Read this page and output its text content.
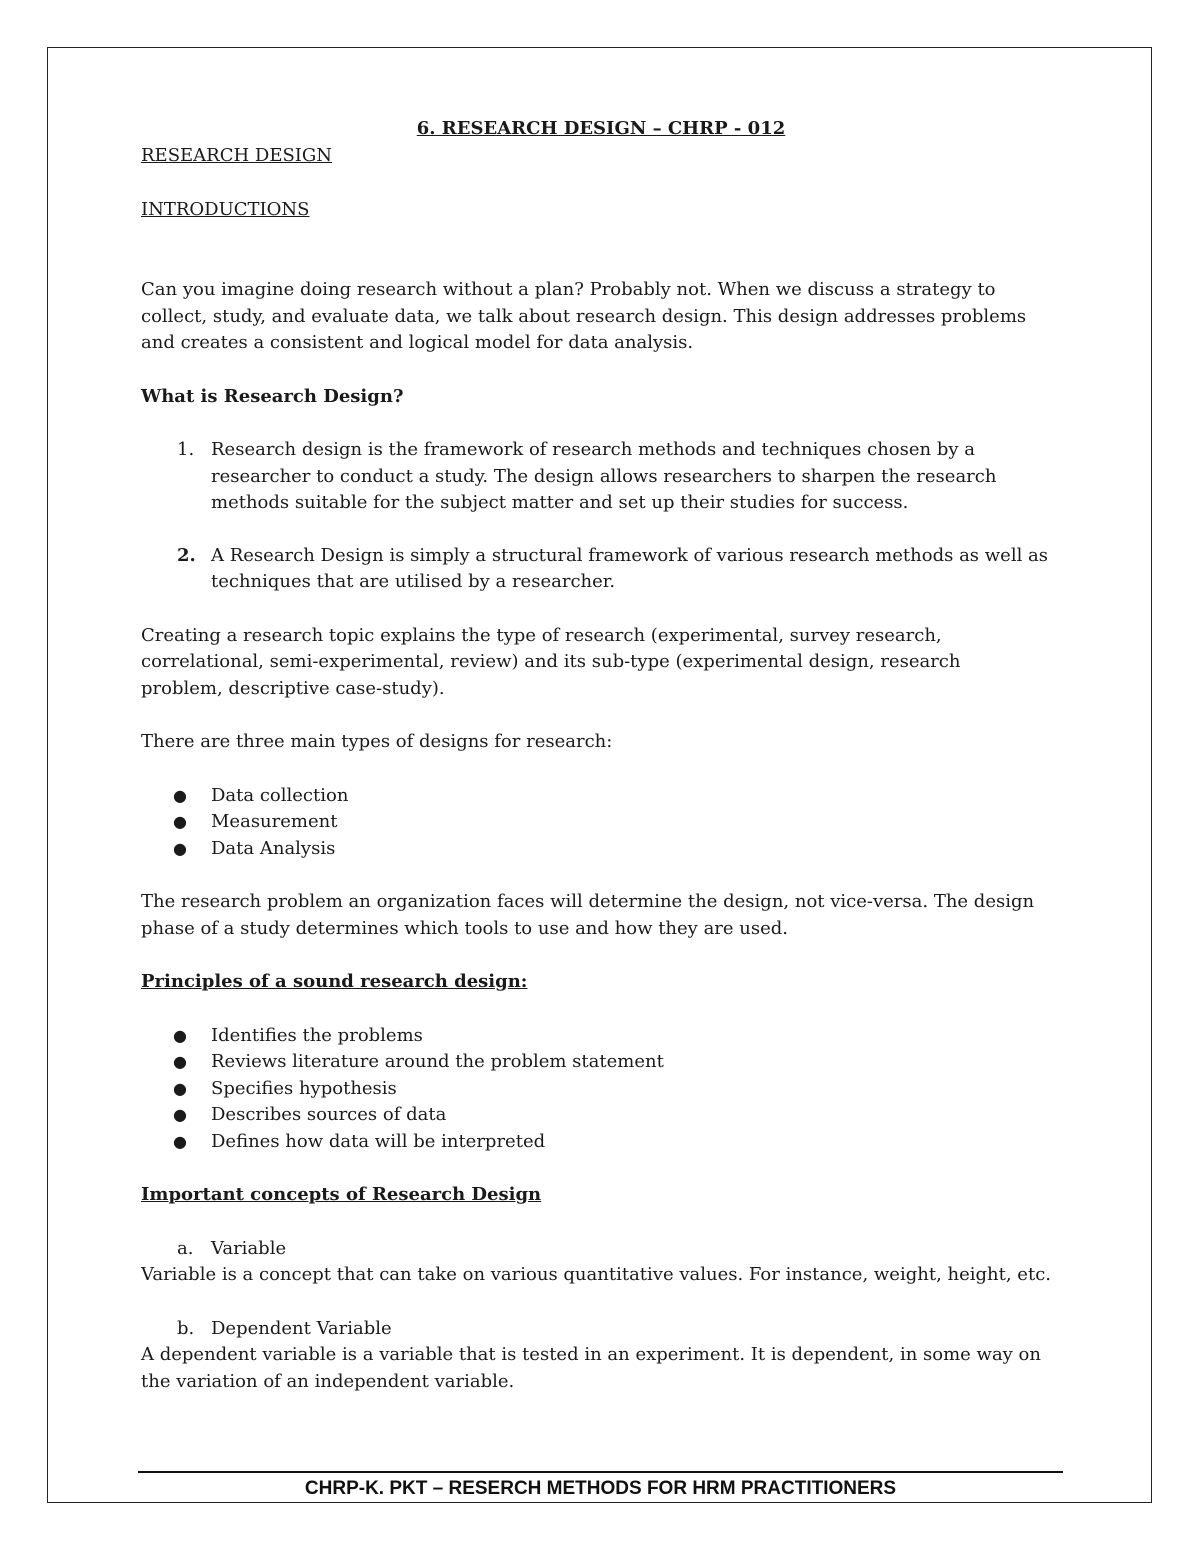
6. RESEARCH DESIGN – CHRP - 012

RESEARCH DESIGN

INTRODUCTIONS

Can you imagine doing research without a plan? Probably not. When we discuss a strategy to collect, study, and evaluate data, we talk about research design. This design addresses problems and creates a consistent and logical model for data analysis.

What is Research Design?

1. Research design is the framework of research methods and techniques chosen by a researcher to conduct a study. The design allows researchers to sharpen the research methods suitable for the subject matter and set up their studies for success.
2. A Research Design is simply a structural framework of various research methods as well as techniques that are utilised by a researcher.

Creating a research topic explains the type of research (experimental, survey research, correlational, semi-experimental, review) and its sub-type (experimental design, research problem, descriptive case-study).

There are three main types of designs for research:

● Data collection
● Measurement
● Data Analysis

The research problem an organization faces will determine the design, not vice-versa. The design phase of a study determines which tools to use and how they are used.

Principles of a sound research design:

● Identifies the problems
● Reviews literature around the problem statement
● Specifies hypothesis
● Describes sources of data
● Defines how data will be interpreted

Important concepts of Research Design

a. Variable

Variable is a concept that can take on various quantitative values. For instance, weight, height, etc.

b. Dependent Variable

A dependent variable is a variable that is tested in an experiment. It is dependent, in some way on the variation of an independent variable.

CHRP-K. PKT – RESERCH METHODS FOR HRM PRACTITIONERS
